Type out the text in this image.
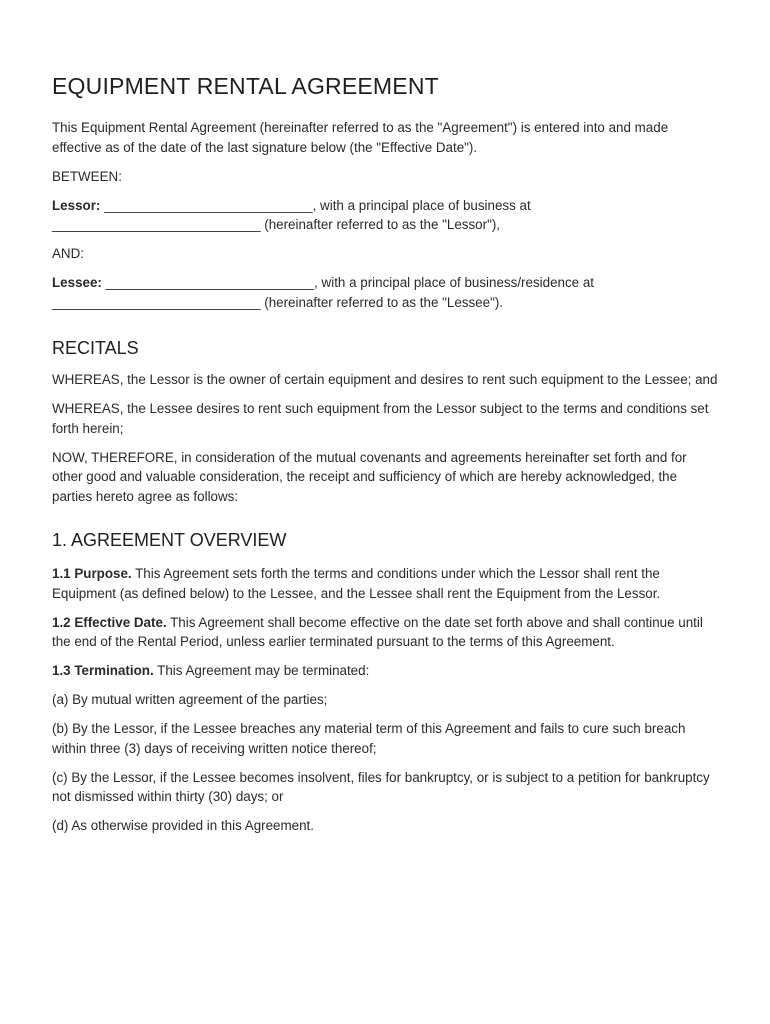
EQUIPMENT RENTAL AGREEMENT

This Equipment Rental Agreement (hereinafter referred to as the "Agreement") is entered into and made effective as of the date of the last signature below (the "Effective Date").

BETWEEN:

Lessor: ____________________________, with a principal place of business at ____________________________ (hereinafter referred to as the "Lessor"),

AND:

Lessee: ____________________________, with a principal place of business/residence at ____________________________ (hereinafter referred to as the "Lessee").

RECITALS

WHEREAS, the Lessor is the owner of certain equipment and desires to rent such equipment to the Lessee; and

WHEREAS, the Lessee desires to rent such equipment from the Lessor subject to the terms and conditions set forth herein;

NOW, THEREFORE, in consideration of the mutual covenants and agreements hereinafter set forth and for other good and valuable consideration, the receipt and sufficiency of which are hereby acknowledged, the parties hereto agree as follows:

1. AGREEMENT OVERVIEW

1.1 Purpose. This Agreement sets forth the terms and conditions under which the Lessor shall rent the Equipment (as defined below) to the Lessee, and the Lessee shall rent the Equipment from the Lessor.

1.2 Effective Date. This Agreement shall become effective on the date set forth above and shall continue until the end of the Rental Period, unless earlier terminated pursuant to the terms of this Agreement.

1.3 Termination. This Agreement may be terminated:

(a) By mutual written agreement of the parties;

(b) By the Lessor, if the Lessee breaches any material term of this Agreement and fails to cure such breach within three (3) days of receiving written notice thereof;

(c) By the Lessor, if the Lessee becomes insolvent, files for bankruptcy, or is subject to a petition for bankruptcy not dismissed within thirty (30) days; or

(d) As otherwise provided in this Agreement.
